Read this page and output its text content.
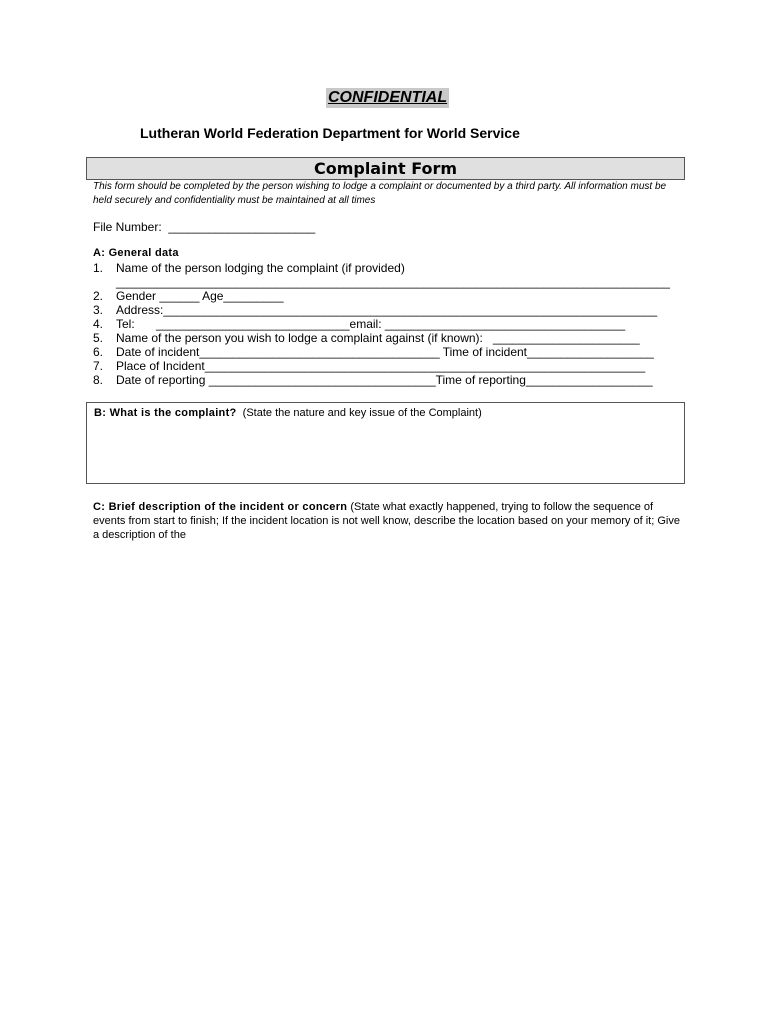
CONFIDENTIAL
Lutheran World Federation Department for World Service
Complaint Form
This form should be completed by the person wishing to lodge a complaint or documented by a third party. All information must be held securely and confidentiality must be maintained at all times
File Number:  ______________________
A: General data

1.

Name of the person lodging the complaint (if provided)

___________________________________________________________________________________

2.

Gender ______ Age_________

3.

Address:__________________________________________________________________________

4.

Tel:

_____________________________email: ____________________________________

5.

Name of the person you wish to lodge a complaint against (if known):   ______________________

6.

Date of incident____________________________________ Time of incident___________________

7.

Place of Incident__________________________________________________________________

8.

Date of reporting __________________________________Time of reporting___________________

B: What is the complaint?  (State the nature and key issue of the Complaint)
C: Brief description of the incident or concern (State what exactly happened, trying to follow the sequence of events from start to finish; If the incident location is not well know, describe the location based on your memory of it; Give a description of the
